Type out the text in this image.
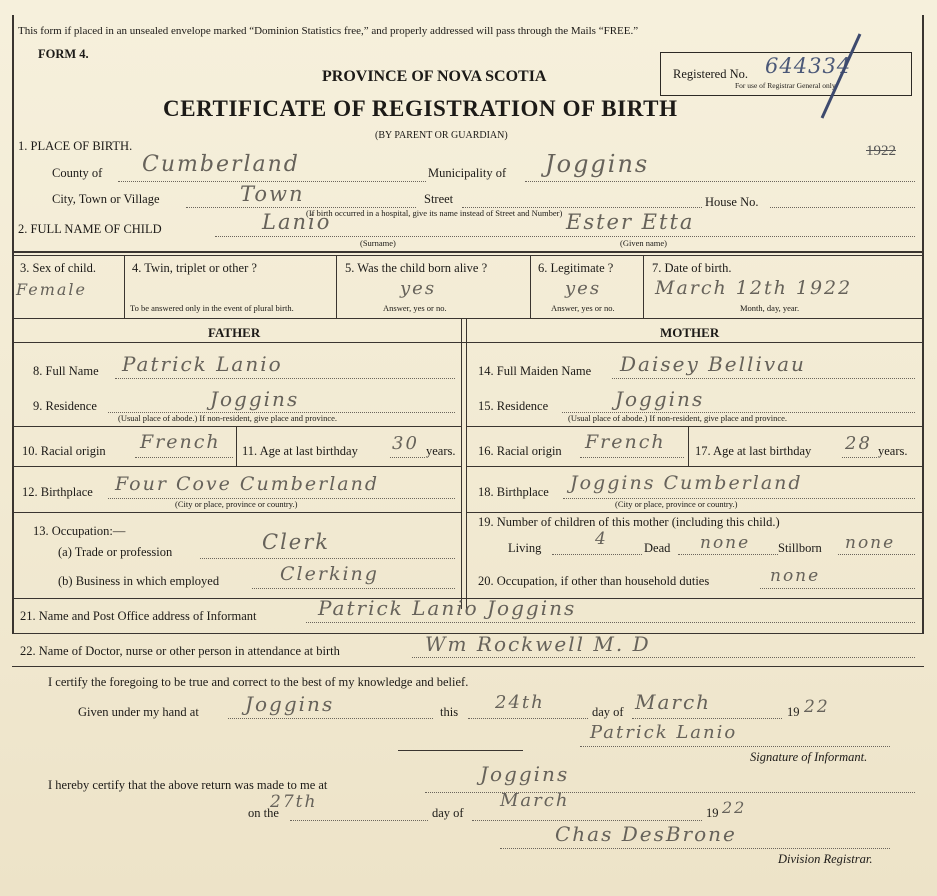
This form if placed in an unsealed envelope marked “Dominion Statistics free,” and properly addressed will pass through the Mails “FREE.”
FORM 4.
PROVINCE OF NOVA SCOTIA
CERTIFICATE OF REGISTRATION OF BIRTH
(BY PARENT OR GUARDIAN)
Registered No. 644334
For use of Registrar General only.
1922
1. PLACE OF BIRTH.
County of Cumberland	Municipality of Joggins
City, Town or Village	Town	Street	House No.
(If birth occurred in a hospital, give its name instead of Street and Number)
2. FULL NAME OF CHILD	Lanio	Ester Etta
(Surname)	(Given name)
3. Sex of child.
Female
4. Twin, triplet or other ?
To be answered only in the event of plural birth.
5. Was the child born alive ?
yes
Answer, yes or no.
6. Legitimate ?
yes
Answer, yes or no.
7. Date of birth.
March 12th 1922
Month, day, year.
FATHER	MOTHER
8. Full Name Patrick Lanio
9. Residence	Joggins
(Usual place of abode.) If non-resident, give place and province.
10. Racial origin French 11. Age at last birthday 30 years.
12. Birthplace Four Cove Cumberland
(City or place, province or country.)
13. Occupation:—
(a) Trade or profession	Clerk
(b) Business in which employed	Clerking
14. Full Maiden Name Daisey Bellivau
15. Residence	Joggins
(Usual place of abode.) If non-resident, give place and province.
16. Racial origin French 17. Age at last birthday 28 years.
18. Birthplace Joggins Cumberland
(City or place, province or country.)
19. Number of children of this mother (including this child.)
Living	4	Dead none Stillborn none
20. Occupation, if other than household duties	none
21. Name and Post Office address of Informant	Patrick Lanio Joggins
22. Name of Doctor, nurse or other person in attendance at birth	Wm Rockwell M. D
I certify the foregoing to be true and correct to the best of my knowledge and belief.
Given under my hand at Joggins	this 24th	day of March	19 22
Patrick Lanio
Signature of Informant.
I hereby certify that the above return was made to me at	Joggins
on the
27th
day of
March
19 22
Chas DesBrone
Division Registrar.
